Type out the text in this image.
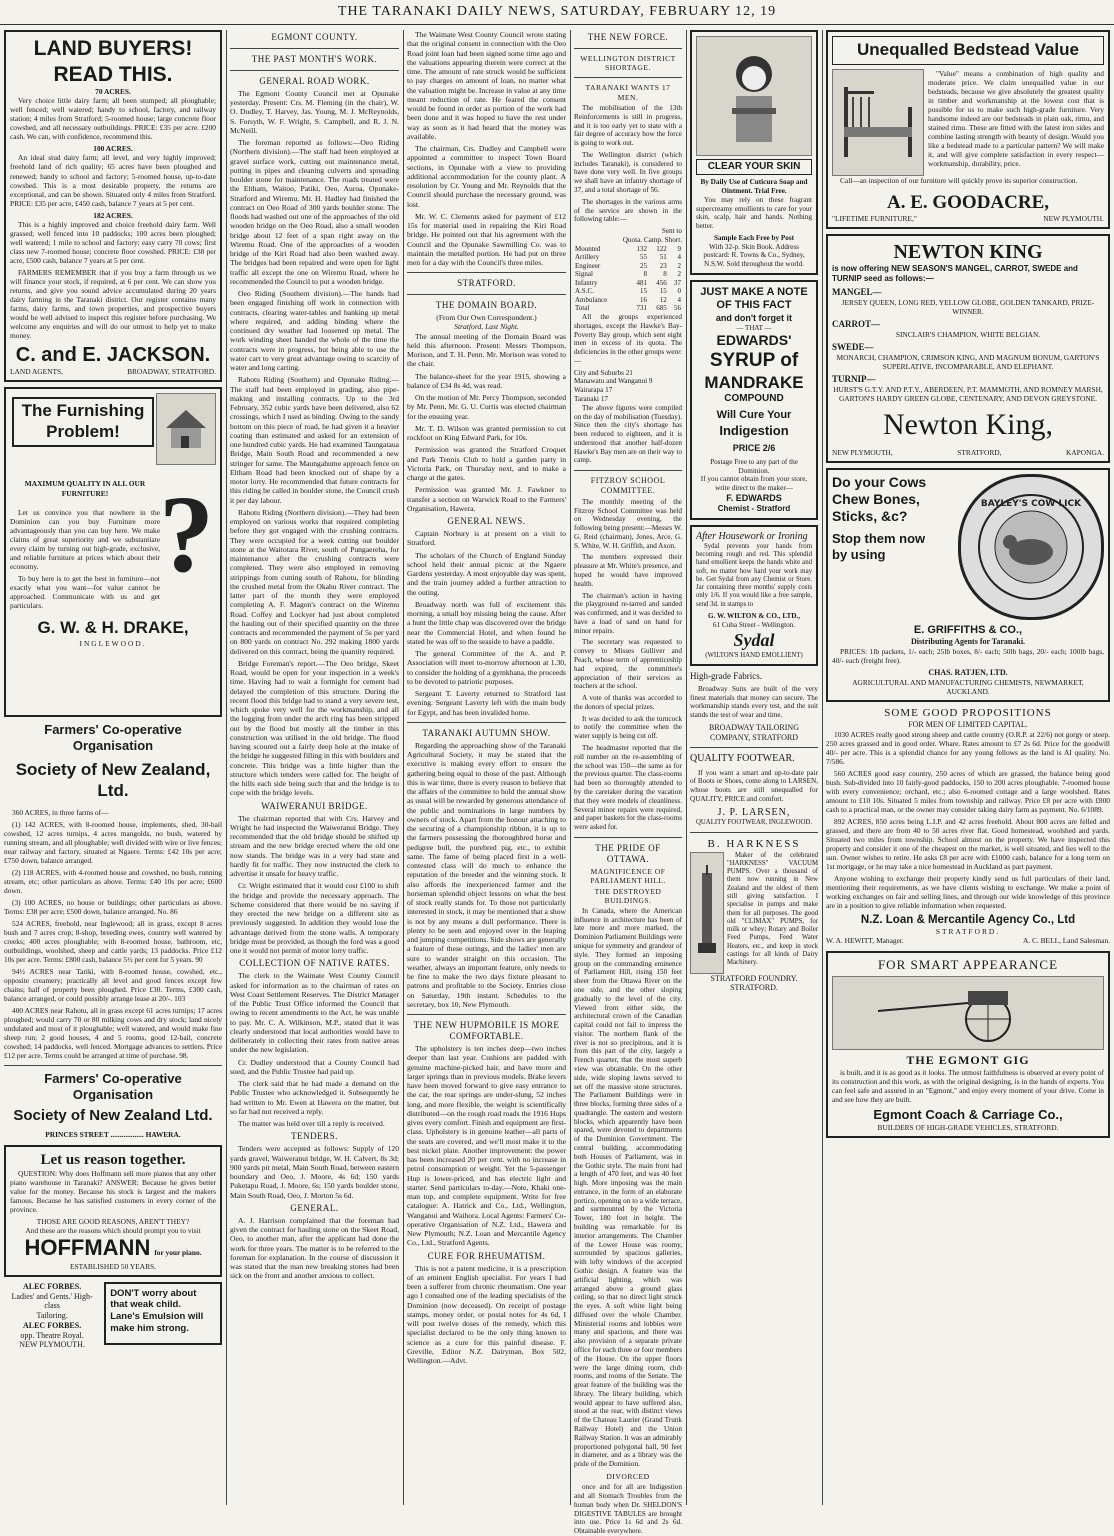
THE TARANAKI DAILY NEWS, SATURDAY, FEBRUARY 12, 19
LAND BUYERS! READ THIS.
70 ACRES.

Very choice little dairy farm; all been stumped; all ploughable; well fenced; well watered; handy to school, factory, and railway station; 4 miles from Stratford; 5-roomed house; large concrete floor cowshed, and all necessary outbuildings. PRICE: £35 per acre. £200 cash. We can, with confidence, recommend this.

100 ACRES.

An ideal stud dairy farm; all level, and very highly improved; freehold land of rich quality; 65 acres have been ploughed and renewed; handy to school and factory; 5-roomed house, up-to-date cowshed. This is a most desirable property, the returns are exceptional, and can be shown. Situated only 4 miles from Stratford. PRICE: £35 per acre, £450 cash, balance 7 years at 5 per cent.

182 ACRES.

This is a highly improved and choice freehold dairy farm. Well grassed; well fenced into 10 paddocks; 100 acres been ploughed; well watered; 1 mile to school and factory; easy carry 70 cows; first class new 7-roomed house; concrete floor cowshed. PRICE: £38 per acre, £500 cash, balance 7 years at 5 per cent.

FARMERS REMEMBER that if you buy a farm through us we will finance your stock, if required, at 6 per cent. We can show you returns, and give you sound advice accumulated during 20 years dairy farming in the Taranaki district. Our register contains many farms, dairy farms, and town properties, and prospective buyers would be well advised to inspect this register before purchasing. We welcome any enquiries and will do our utmost to help yet to make money.

C. and E. JACKSON.
LAND AGENTS,	BROADWAY, STRATFORD.
The Furnishing
Problem!
?
MAXIMUM QUALITY IN ALL OUR
FURNITURE!

Let us convince you that nowhere in the Dominion can you buy Furniture more advantageously than you can buy here. We make claims of great superiority and we substantiate every claim by turning out high-grade, exclusive, and reliable furniture at prices which about their economy.

To buy here is to get the best in furniture—not exactly what you want—for value cannot be approached. Communicate with us and get particulars.

G. W. & H. DRAKE,
INGLEWOOD.
Farmers' Co-operative Organisation
Society of New Zealand, Ltd.

360 ACRES, in three farms of—

(1) 142 ACRES, with 8-roomed house, implements, shed, 30-bail cowshed, 12 acres turnips, 4 acres mangolds, no bush, watered by running stream, and all ploughable; well divided with wire or live fences; near railway and factory, situated at Ngaere. Terms: £42 10s per acre; £750 down, balance arranged.

(2) 118 ACRES, with 4-roomed house and cowshed, no bush, running stream, etc; other particulars as above. Terms: £40 10s per acre; £600 down.

(3) 100 ACRES, no house or buildings; other particulars as above. Terms: £38 per acre; £500 down, balance arranged. No. 86

524 ACRES, freehold, near Inglewood; all in grass, except 8 acres bush and 7 acres crop; 8-shop, breeding ewes, country well watered by creeks; 400 acres ploughable; with 8-roomed house, bathroom, etc, outbuildings, woolshed, sheep and cattle yards; 13 paddocks. Price £12 10s per acre. Terms: £800 cash, balance 5½ per cent for 5 years. 90

94½ ACRES near Tariki, with 8-roomed house, cowshed, etc., opposite creamery; practically all level and good fences except few chains; half of property been ploughed. Price £30. Terms, £300 cash, balance arranged, or could possibly arrange lease at 20/-. 103

400 ACRES near Rahotu, all in grass except 61 acres turnips; 17 acres ploughed; would carry 70 or 80 milking cows and dry stock; land nicely undulated and most of it ploughable; well watered, and would make fine sheep run; 2 good houses, 4 and 5 rooms, good 12-bail, concrete cowshed; 14 paddocks, well fenced. Mortgage advances to settlers. Price £12 per acre. Terms could be arranged at time of purchase. 98.

Farmers' Co-operative Organisation
Society of New Zealand Ltd.
PRINCES STREET .................. HAWERA.
Let us reason together.

QUESTION: Why does Hoffmann sell more pianos that any other piano warehouse in Taranaki? ANSWER: Because he gives better value for the money. Because his stock is largest and the makers famous. Because he has satisfied customers in every corner of the province.

THOSE ARE GOOD REASONS, AREN'T THEY?
And these are the reasons which should prompt you to visit
HOFFMANN for your piano.
ESTABLISHED 50 YEARS.
ALEC FORBES.
Ladies' and Gents.' High-class
Tailoring.
ALEC FORBES.
opp. Theatre Royal.
NEW PLYMOUTH.
DON'T worry about
that weak child.
Lane's Emulsion will
make him strong.
EGMONT COUNTY.
THE PAST MONTH'S WORK.
GENERAL ROAD WORK.

The Egmont County Council met at Opunake yesterday. Present: Crs. M. Fleming (in the chair), W. O. Dudley, T. Harvey, Jas. Young, M. J. McReynolds, S. Forsyth, W. F. Wright, S. Campbell, and R. J. N. McNeill.

The foreman reported as follows:—Oeo Riding (Northern division).—The staff had been employed at gravel surface work, cutting out maintenance metal, putting in pipes and cleaning culverts and spreading boulder stone for maintenance. The roads treated were the Eltham, Waitoo, Patiki, Oeo, Auroa, Opunake-Stratford and Wiremu. Mr. H. Hadley had finished the contract on Oeo Road of 300 yards boulder stone. The floods had washed out one of the approaches of the old wooden bridge on the Oeo Road, also a small wooden bridge about 12 feet of a span right away on the Wiremu Road. One of the approaches of a wooden bridge of the Kiri Road had also been washed away. The bridges had been repaired and were open for light traffic all except the one on Wiremu Road, where he recommended the Council to put a wooden bridge.

Oeo Riding (Southern division).—The hands had been engaged finishing off work in connection with contracts, clearing water-tables and banking up metal where required, and adding binding where the continued dry weather had loosened up metal. The work winding sheet handed the whole of the time the contracts were in progress, but being able to use the water cart to very great advantage owing to scarcity of water and long carting.

Rahotu Riding (Southern) and Opunake Riding.—The staff had been employed in grading, also pipe-making and installing contracts. Up to the 3rd February, 352 cubic yards have been delivered, also 62 crossings, which I used as binding. Owing to the sandy bottom on this piece of road, he had given it a heavier coating than estimated and asked for an extension of one hundred cubic yards. He had examined Taungataua Bridge, Main South Road and recommended a new stringer for same. The Maungahume approach fence on Eltham Road had been knocked out of shape by a motor lorry. He recommended that future contracts for this riding be called in boulder stone, the Council crush it per day labour.

Rahotu Riding (Northern division).—They had been employed on various works that required completing before they got engaged with the crushing contracts. They were occupied for a week cutting out boulder stone at the Waitotara River, south of Pungaereha, for maintenance after the crushing contracts were completed. They were also employed in removing strippings from cutting south of Rahotu, for blinding the crushed metal from the Okahu River contract. The latter part of the month they were employed completing A. F. Magon's contract on the Wiremu Road. Coffey and Lockyer had just about completed the hauling out of their specified quantity on the three contracts and recommended the payment of 5s per yard on 800 yards on contract No. 292 making 1800 yards delivered on this contract, being the quantity required.

Bridge Foreman's report.—The Oeo bridge, Skeet Road, would be open for your inspection in a week's time. Having had to wait a fortnight for cement had delayed the completion of this structure. During the recent flood this bridge had to stand a very severe test, which spoke very well for the workmanship, and all the logging from under the arch ring has been stripped out by the flood but mostly all the timber in this construction was utilised in the old bridge. The flood having scoured out a fairly deep hole at the intake of the bridge he suggested filling in this with boulders and concrete. This bridge was a little higher than the structure which tenders were called for. The height of the hills each side being such that and the bridge is to cope with the bridge levels.

WAIWERANUI BRIDGE.

The chairman reported that with Crs. Harvey and Wright he had inspected the Waiweranui Bridge. They recommended that the old bridge should be shifted up stream and the new bridge erected where the old one now stands. The bridge was in a very bad state and hardly fit for traffic. They now instructed the clerk to advertise it unsafe for heavy traffic.

Cr. Wright estimated that it would cost £100 to shift the bridge and provide the necessary approach. The Scheme considered that there would be no saving if they erected the new bridge on a different site as previously suggested. In addition they would lose the advantage derived from the stone walls. A temporary bridge must be provided, as though the ford was a good one it would not permit of motor lorry traffic.

COLLECTION OF NATIVE RATES.

The clerk to the Waimate West County Council asked for information as to the chairman of rates on West Coast Settlement Reserves. The District Manager of the Public Trust Office informed the Council that owing to recent amendments to the Act, he was unable to pay. Mr. C. A. Wilkinson, M.P., stated that it was clearly understood that local authorities would have to deliberately in collecting their rates from native areas under the new legislation.

Cr. Dudley understood that a County Council had sued, and the Public Trustee had paid up.

The clerk said that he had made a demand on the Public Trustee who acknowledged it. Subsequently he had written to Mr. Ewen at Hawera on the matter, but so far had not received a reply.

The matter was held over till a reply is received.

TENDERS.

Tenders were accepted as follows: Supply of 120 yards gravel, Waiweranui bridge, W. H. Calvert, 8s 3d; 900 yards pit metal, Main South Road, between eastern boundary and Oeo, J. Moore, 4s 6d; 150 yards Puketapu Road, J. Moore, 6s; 150 yards boulder stone, Main South Road, Oeo, J. Morton 5s 6d.

GENERAL.

A. J. Harrison complained that the foreman had given the contract for hauling stone on the Skeet Road, Oeo, to another man, after the applicant had done the work for three years. The matter is to be referred to the foreman for explanation. In the course of discussion it was stated that the man new breaking stones had been sick on the front and another anxious to collect.

The Waimate West County Council wrote stating that the original consent in connection with the Oeo Road joint loan had been signed some time ago and the valuations appearing therein were correct at the time. The amount of rate struck would be sufficient to pay charges on amount of loan, no matter what the valuation might be. Increase in value at any time meant reduction of rate. He feared the consent would be found in order as portion of the work had been done and it was hoped to have the rest under way as soon as it had heard that the money was available.

The chairman, Crs. Dudley and Campbell were appointed a committee to inspect Town Board sections, in Opunake with a view to providing additional accommodation for the county plant. A resolution by Cr. Young and Mr. Reynolds that the Council should purchase the necessary ground, was lost.

Mr. W. C. Clements asked for payment of £12 15s for material used in repairing the Kiri Road bridge. He pointed out that his agreement with the Council and the Opunake Sawmilling Co. was to maintain the metalled portion. He had put on three men for a day with the Council's three miles.

STRATFORD.
THE DOMAIN BOARD.
(From Our Own Correspondent.)
Stratford, Last Night.

The annual meeting of the Domain Board was held this afternoon. Present: Messrs Thompson, Morison, and T. H. Penn. Mr. Morison was voted to the chair.

The balance-sheet for the year 1915, showing a balance of £34 8s 4d, was read.

On the motion of Mr. Percy Thompson, seconded by Mr. Penn, Mr. G. U. Curtis was elected chairman for the ensuing year.

Mr. T. D. Wilson was granted permission to cut rockfoot on King Edward Park, for 10s.

Permission was granted the Stratford Croquet and Park Tennis Club to hold a garden party in Victoria Park, on Thursday next, and to make a charge at the gates.

Permission was granted Mr. J. Fawkner to transfer a section on Warwick Road to the Farmers' Organisation, Hawera.

GENERAL NEWS.

Captain Norbury is at present on a visit to Stratford.

The scholars of the Church of England Sunday school held their annual picnic at the Ngaere Gardens yesterday. A most enjoyable day was spent, and the train journey added a further attraction to the outing.

Broadway north was full of excitement this morning, a small boy missing being the cause. After a hunt the little chap was discovered over the bridge near the Commercial Hotel, and when found he stated he was off to the seaside to have a paddle.

The general Committee of the A. and P. Association will meet to-morrow afternoon at 1.30, to consider the holding of a gymkhana, the proceeds to be devoted to patriotic purposes.

Sergeant T. Laverty returned to Stratford last evening. Sergeant Laverty left with the main body for Egypt, and has been invalided home.

TARANAKI AUTUMN SHOW.

Regarding the approaching show of the Taranaki Agricultural Society, it may be stated that the executive is making every effort to ensure the gathering being equal to those of the past. Although this is war time, there is every reason to believe that the affairs of the committee to hold the annual show as usual will be rewarded by generous attendance of the public and nominations in large numbers by owners of stock. Apart from the honour attaching to the securing of a championship ribbon, it is up to the farmers possessing the thoroughbred horse and pedigree bull, the purebred pig, etc., to exhibit same. The fame of being placed first in a well-contested class will do much to enhance the reputation of the breeder and the winning stock. It also affords the inexperienced farmer and the horseman splendid object lessons on what the best of stock really stands for. To those not particularly interested in stock, it may be mentioned that a show is not by any means a dull performance. There is plenty to be seen and enjoyed over in the leaping and jumping competitions. Side shows are generally a feature of these outings, and the ladies' men are sure to wander straight on this occasion. The weather, always an important feature, only needs to be fine to make the two days fixture pleasant to patrons and profitable to the Society. Entries close on Saturday, 19th instant. Schedules to the secretary, box 10, New Plymouth.

THE NEW HUPMOBILE IS MORE COMFORTABLE.

The upholstery is ten inches deep—two inches deeper than last year. Cushions are padded with genuine machine-picked hair, and have more and larger springs than in previous models. Brake levers have been moved forward to give easy entrance to the car, the rear springs are under-slung, 52 inches long, and more flexible, the weight is scientifically distributed—on the rough road roads the 1916 Hups gives every comfort. Finish and equipment are first-class. Upholstery is in genuine leather—all parts of the seats are covered, and we'll most make it to the best nickel plate. Another improvement: the power has been increased 20 per cent. with no increase in petrol consumption or weight. Yet the 5-passenger Hup is lower-priced, and has electric light and starter. Send particulars to-day.—Note, Khaki one-man top, and complete equipment. Write for free catalogue: A. Hatrick and Co., Ltd., Wellington, Wanganui and Waihora. Local Agents: Farmers' Co-operative Organisation of N.Z. Ltd., Hawera and New Plymouth; N.Z. Loan and Mercantile Agency Co., Ltd., Stratford Agents.

CURE FOR RHEUMATISM.

This is not a patent medicine, it is a prescription of an eminent English specialist. For years I had been a sufferer from chronic rheumatism. One year ago I consulted one of the leading specialists of the Dominion (now deceased). On receipt of postage stamps, money order, or postal notes for 4s 6d, I will post twelve doses of the remedy, which this specialist declared to be the only thing known to science as a cure for this painful disease. F. Greville, Editor N.Z. Dairyman, Box 502, Wellington.—Advt.

THE NEW FORCE.
WELLINGTON DISTRICT SHORTAGE.
TARANAKI WANTS 17 MEN.

The mobilisation of the 13th Reinforcements is still in progress, and it is too early yet to state with a fair degree of accuracy how the force is going to work out.

The Wellington district (which includes Taranaki), is considered to have done very well. In five groups we shall have an infantry shortage of 37, and a total shortage of 56.

The shortages in the various arms of the service are shown in the following table:—

Sent to
Quota. Camp. Short.
Mounted	132	122	9
Artillery	55	51	4
Engineer	25	23	2
Signal	8	8	2
Infantry	481	456	37
A.S.C.	15	15	0
Ambulance	16	12	4
Total	731	685	56

All the groups experienced shortages, except the Hawke's Bay-Poverty Bay group, which sent eight men in excess of its quota. The deficiencies in the other groups were:—

City and Suburbs 21
Manawatu and Wanganui 9
Wairarapa 17
Taranaki 17

The above figures were compiled on the day of mobilisation (Tuesday). Since then the city's shortage has been reduced to eighteen, and it is understood that another half-dozen Hawke's Bay men are on their way to camp.

FITZROY SCHOOL COMMITTEE.

The monthly meeting of the Fitzroy School Committee was held on Wednesday evening, the following being present:—Messrs W. G. Reid (chairman), Jones, Arce, G. S. White, W. H. Griffith, and Axon.

The members expressed their pleasure at Mr. White's presence, and hoped he would have improved health.

The chairman's action in having the playground re-tarred and sanded was confirmed, and it was decided to have a load of sand on hand for minor repairs.

The secretary was requested to convey to Misses Gulliver and Peach, whose term of apprenticeship had expired, the committee's appreciation of their services as teachers at the school.

A vote of thanks was accorded to the donors of special prizes.

It was decided to ask the turncock to notify the committee when the water supply is being cut off.

The headmaster reported that the roll number on the re-assembling of the school was 150—the same as for the previous quarter. The class-rooms had been so thoroughly attended to by the caretaker during the vacation that they were models of cleanliness. Several minor repairs were required, and paper baskets for the class-rooms were asked for.

THE PRIDE OF OTTAWA.
MAGNIFICENCE OF PARLIAMENT HILL.
THE DESTROYED BUILDINGS.

In Canada, where the American influence in architecture has been of late more and more marked, the Dominion Parliament Buildings were unique for symmetry and grandeur of style. They formed an imposing group on the commanding eminence of Parliament Hill, rising 150 feet sheer from the Ottawa River on the one side, and the other sloping gradually to the level of the city. Viewed from either side, the architectural crown of the Canadian capital could not fail to impress the visitor. The northern flank of the river is not so precipitous, and it is from this part of the city, largely a French quarter, that the most superb view was obtainable. On the other side, wide sloping lawns served to set off the massive stone structures. The Parliament Buildings were in three blocks, forming three sides of a quadrangle. The eastern and western blocks, which apparently have been spared, were devoted to departments of the Dominion Government. The central building, accommodating both Houses of Parliament, was in the Gothic style. The main front had a length of 470 feet, and was 40 feet high. More imposing was the main entrance, in the form of an elaborate portico, opening on to a wide terrace, and surmounted by the Victoria Tower, 180 feet in height. The building was remarkable for its interior arrangements. The Chamber of the Lower House was roomy, surrounded by spacious galleries, with lofty windows of the accepted Gothic design. A feature was the artificial lighting, which was arranged above a ground glass ceiling, so that no direct light struck the eyes. A soft white light being diffused over the whole Chamber. Ministerial rooms and lobbies were many and spacious, and there was also provision of a separate private office for each three or four members of the House. On the upper floors were the large dining room, club rooms, and rooms of the Senate. The great feature of the building was the library. The library building, which would appear to have suffered also, stood at the rear, with distinct views of the Chateau Laurier (Grand Trunk Railway Hotel) and the Union Railway Station. It was an admirably proportioned polygonal hall, 90 feet in diameter, and as a library was the pride of the Dominion.

DIVORCED

once and for all are Indigestion and all Stomach Troubles from the human body when Dr. SHELDON'S DIGESTIVE TABULES are brought into use. Price 1s 6d and 2s 6d. Obtainable everywhere.

CLEAR YOUR SKIN
By Daily Use of Cuticura Soap and Ointment. Trial Free.

You may rely on these fragrant supercreamy emollients to care for your skin, scalp, hair and hands. Nothing better.

Sample Each Free by Post
With 32-p. Skin Book. Address postcard: R. Towns & Co., Sydney, N.S.W. Sold throughout the world.
JUST MAKE A NOTE
OF THIS FACT
and don't forget it
— THAT —
EDWARDS'
SYRUP of
MANDRAKE
COMPOUND
Will Cure Your
Indigestion
PRICE 2/6
Postage Free to any part of the Dominion.
If you cannot obtain from your store, write direct to the maker—
F. EDWARDS
Chemist - Stratford
After Housework or Ironing

Sydal prevents your hands from becoming rough and red. This splendid hand emollient keeps the hands white and soft, no matter how hard your work may be. Get Sydal from any Chemist or Store. Jar containing three months' supply costs only 1/6. If you would like a free sample, send 3d. in stamps to

G. W. WILTON & CO., LTD.,
61 Cuba Street - Wellington.
Sydal
(WILTON'S HAND EMOLLIENT)
High-grade Fabrics.

Broadway Suits are built of the very finest materials that money can secure. The workmanship stands every test, and the suit stands the test of wear and time.

BROADWAY TAILORING
COMPANY, STRATFORD
QUALITY FOOTWEAR.

If you want a smart and up-to-date pair of Boots or Shoes, come along to LARSEN, whose boots are still unequalled for QUALITY, PRICE and comfort.

J. P. LARSEN,
QUALITY FOOTWEAR, INGLEWOOD.
B. HARKNESS

Maker of the celebrated "HARKNESS" VACUUM PUMPS. Over a thousand of them now running in New Zealand and the oldest of them still giving satisfaction. I specialise in pumps and make them for all purposes. The good old "CLIMAX" PUMPS, for milk or whey; Rotary and Boiler Feed Pumps, Feed Water Heaters, etc., and keep in stock castings for all kinds of Dairy Machinery.

STRATFORD FOUNDRY.
STRATFORD.
Unequalled Bedstead Value

"Value" means a combination of high quality and moderate price. We claim unequalled value in our bedsteads, because we give absolutely the greatest quality in timber and workmanship at the lowest cost that is possible for us to make such high-grade furniture. Very handsome indeed are our bedsteads in plain oak, rimu, and stained rimu. These are fitted with the latest iron sides and combine lasting strength with beauty of design. Would you like a bedstead made to a particular pattern? We will make it, and will give complete satisfaction in every respect—workmanship, durability, price.

Call—an inspection of our furniture will quickly prove its superior construction.

A. E. GOODACRE,
"LIFETIME FURNITURE,"	NEW PLYMOUTH.
NEWTON KING
is now offering NEW SEASON'S MANGEL, CARROT, SWEDE and TURNIP seed as follows:—
MANGEL—
JERSEY QUEEN, LONG RED, YELLOW GLOBE, GOLDEN TANKARD, PRIZE-WINNER.
CARROT—
SINCLAIR'S CHAMPION, WHITE BELGIAN.
SWEDE—
MONARCH, CHAMPION, CRIMSON KING, AND MAGNUM BONUM, GARTON'S SUPERLATIVE, INCOMPARABLE, AND ELEPHANT.
TURNIP—
HURST'S G.T.Y. AND P.T.Y., ABERDEEN, P.T. MAMMOTH, AND ROMNEY MARSH, GARTON'S HARDY GREEN GLOBE, CENTENARY, AND DEVON GREYSTONE.
Newton King,
NEW PLYMOUTH,	STRATFORD,	KAPONGA.
Do your Cows
Chew Bones,
Sticks, &c?
Stop them now
by using
BAYLEY'S COW LICK
E. GRIFFITHS & CO.,
Distributing Agents for Taranaki.

PRICES: 1lb packets, 1/- each; 25lb boxes, 8/- each; 50lb bags, 20/- each; 100lb bags, 40/- each (freight free).

CHAS. RATJEN, LTD.
AGRICULTURAL AND MANUFACTURING CHEMISTS, NEWMARKET, AUCKLAND.
SOME GOOD PROPOSITIONS
FOR MEN OF LIMITED CAPITAL.

1030 ACRES really good strong sheep and cattle country (O.R.P. at 22/6) not gorgy or steep. 250 acres grassed and in good order. Whare. Rates amount to £7 2s 6d. Price for the goodwill 40/- per acre. This is a splendid chance for any young fellows as the land is AI quality. No. 7/586.

560 ACRES good easy country, 250 acres of which are grassed, the balance being good bush. Sub-divided into 10 fairly-good paddocks, 150 to 200 acres ploughable. 7-roomed house with every convenience; orchard, etc.; also 6-roomed cottage and a large woolshed. Rates amount to £10 10s. Situated 5 miles from township and railway. Price £8 per acre with £800 cash to a practical man, or the owner may consider taking dairy farm as payment. No. 6/1089.

892 ACRES, 850 acres being L.I.P. and 42 acres freehold. About 800 acres are felled and grassed, and there are from 40 to 50 acres river flat. Good homestead, woolshed and yards. Situated two miles from township. School almost on the property. We have inspected this property and consider it one of the cheapest on the market, is well situated, and lies well to the sun. Owner wishes to retire. He asks £8 per acre with £1000 cash, balance for a long term on 1st mortgage, or he may take a nice homestead in Auckland as part payment.

Anyone wishing to exchange their property kindly send us full particulars of their land, mentioning their requirements, as we have clients wishing to exchange. We make a point of working exchanges on fair and selling lines, and through our wide knowledge of this province are in a position to give reliable information when requested.

N.Z. Loan & Mercantile Agency Co., Ltd
STRATFORD.
W. A. HEWITT, Manager.	A. C. BELL, Land Salesman.
FOR SMART APPEARANCE
THE EGMONT GIG

is built, and it is as good as it looks. The utmost faithfulness is observed at every point of its construction and this work, as with the original designing, is in the hands of experts. You can feel safe and assured in an "Egmont," and enjoy every moment of your drive. Come in and see how they are built.

Egmont Coach & Carriage Co.,
BUILDERS OF HIGH-GRADE VEHICLES, STRATFORD.
